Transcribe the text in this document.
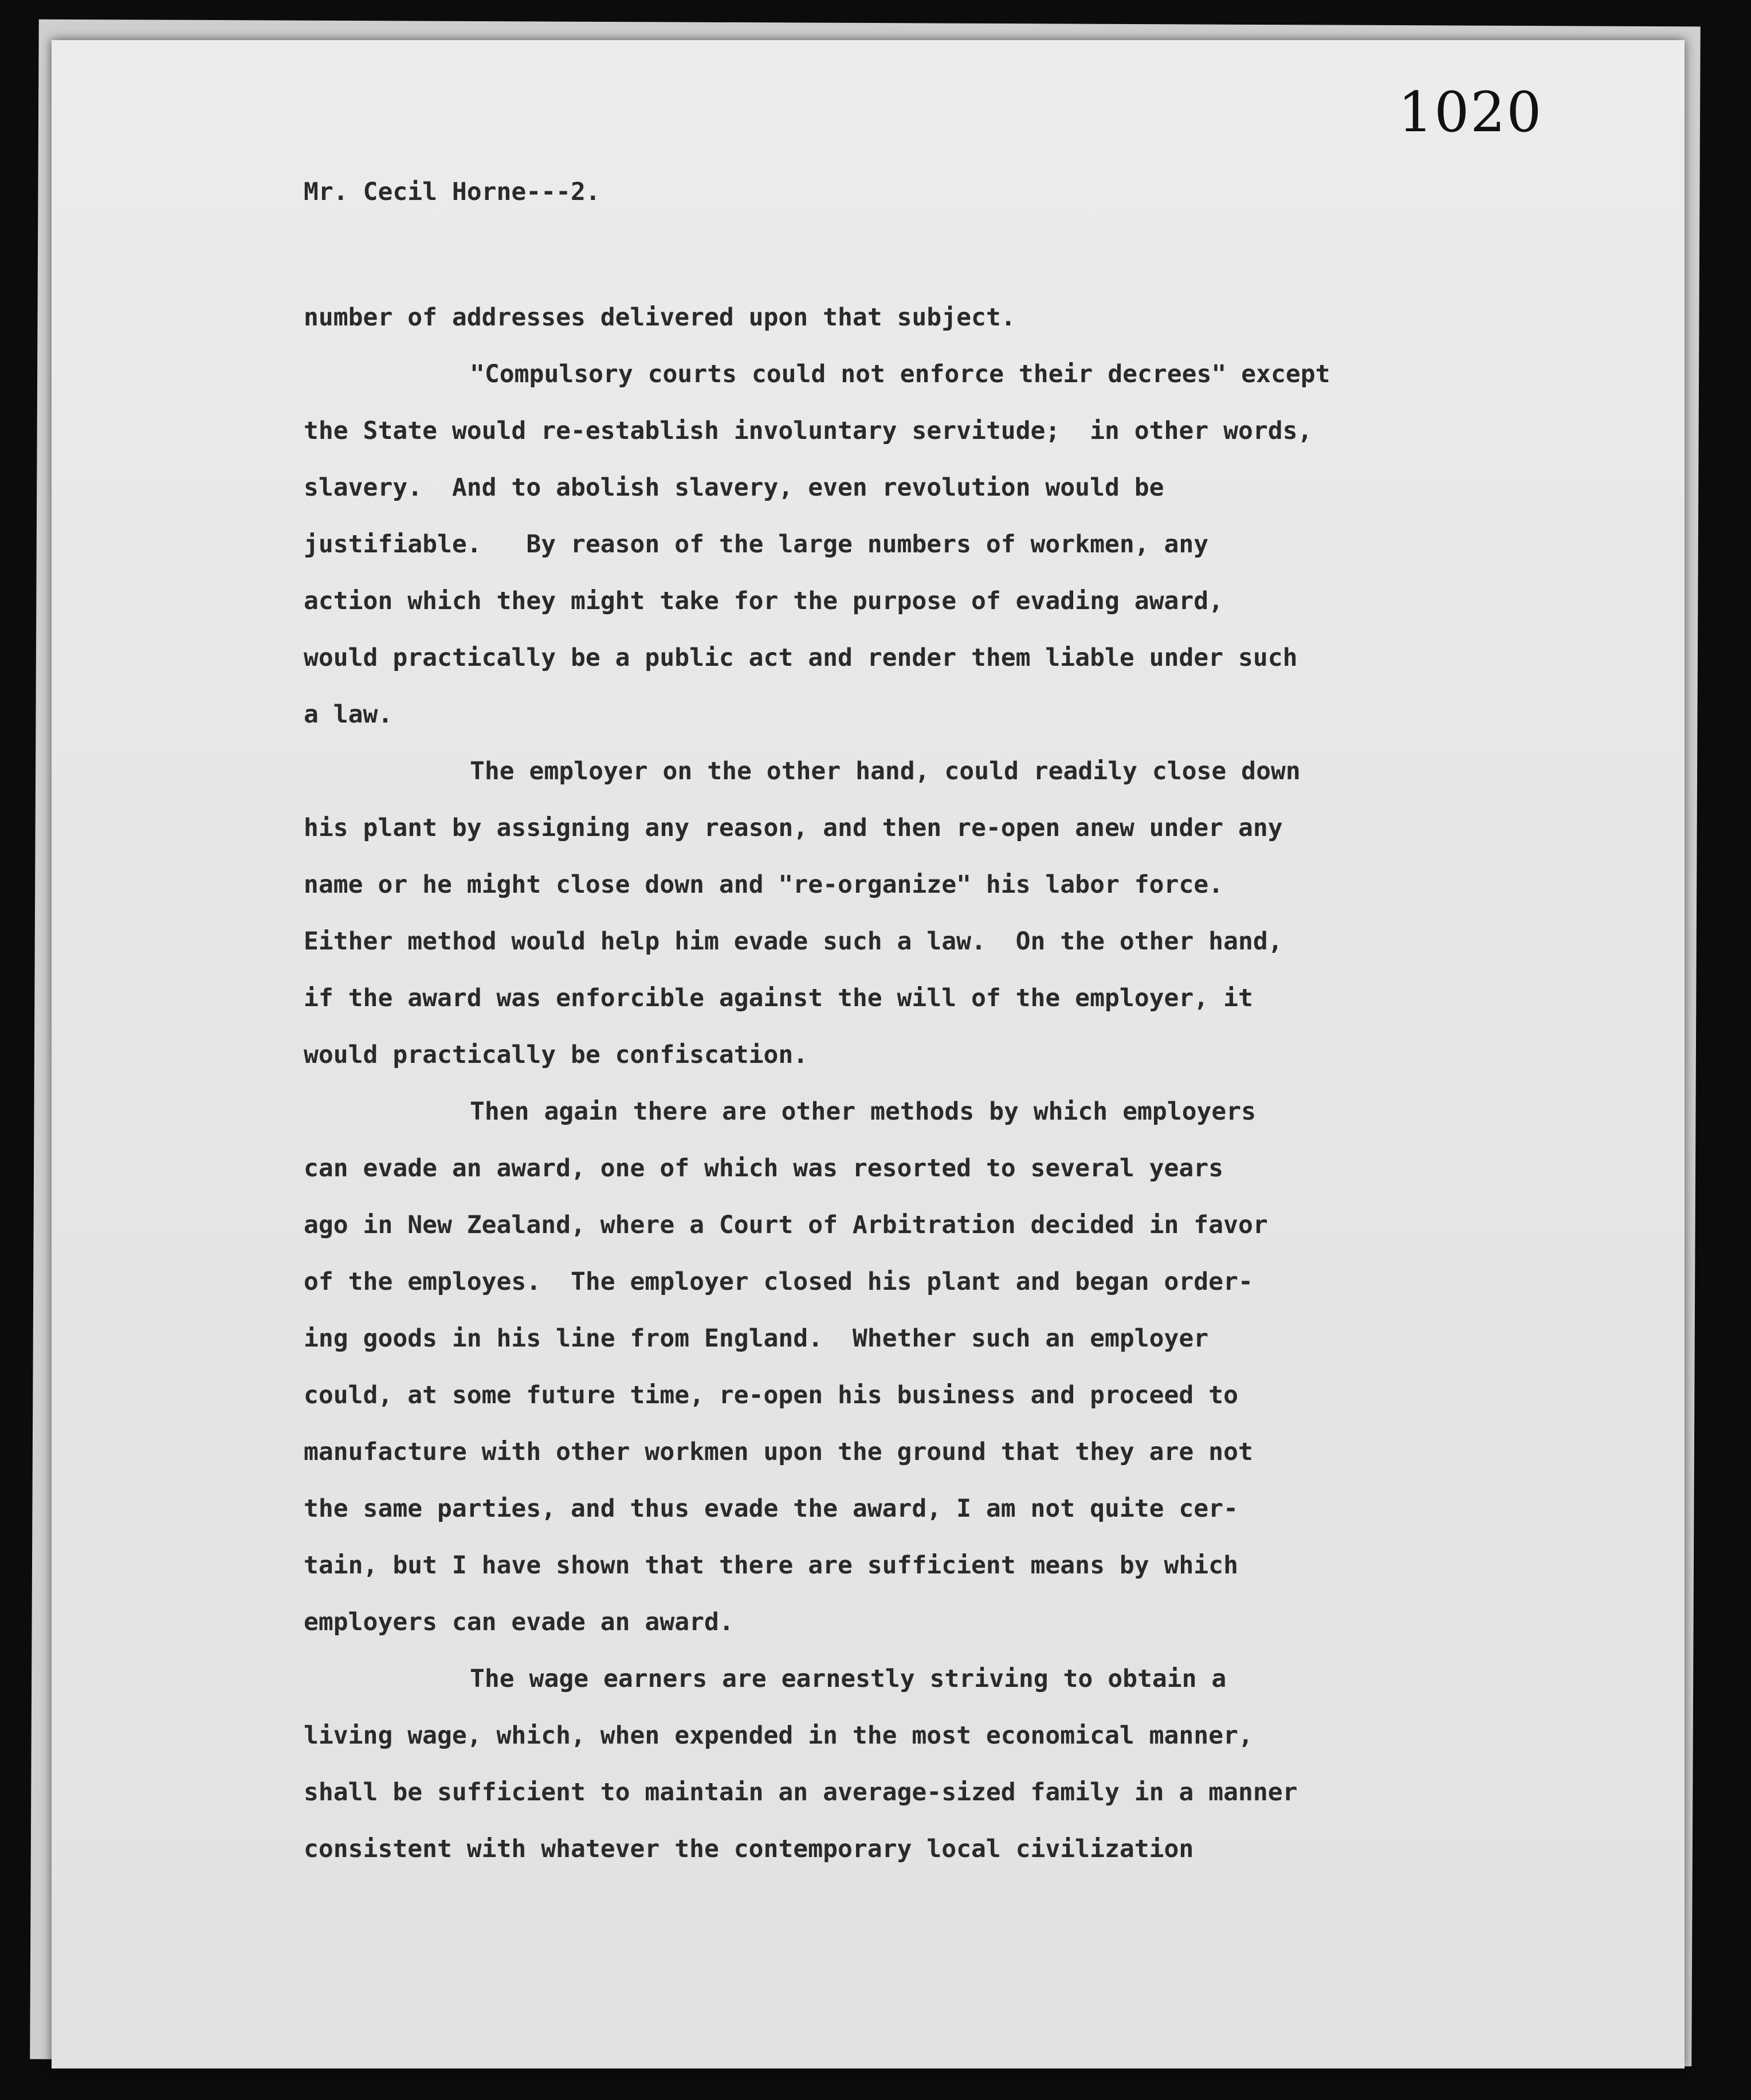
1020
Mr. Cecil Horne---2.
number of addresses delivered upon that subject.
"Compulsory courts could not enforce their decrees" except
the State would re-establish involuntary servitude;  in other words,
slavery.  And to abolish slavery, even revolution would be
justifiable.   By reason of the large numbers of workmen, any
action which they might take for the purpose of evading award,
would practically be a public act and render them liable under such
a law.
The employer on the other hand, could readily close down
his plant by assigning any reason, and then re-open anew under any
name or he might close down and "re-organize" his labor force.
Either method would help him evade such a law.  On the other hand,
if the award was enforcible against the will of the employer, it
would practically be confiscation.
Then again there are other methods by which employers
can evade an award, one of which was resorted to several years
ago in New Zealand, where a Court of Arbitration decided in favor
of the employes.  The employer closed his plant and began order-
ing goods in his line from England.  Whether such an employer
could, at some future time, re-open his business and proceed to
manufacture with other workmen upon the ground that they are not
the same parties, and thus evade the award, I am not quite cer-
tain, but I have shown that there are sufficient means by which
employers can evade an award.
The wage earners are earnestly striving to obtain a
living wage, which, when expended in the most economical manner,
shall be sufficient to maintain an average-sized family in a manner
consistent with whatever the contemporary local civilization
